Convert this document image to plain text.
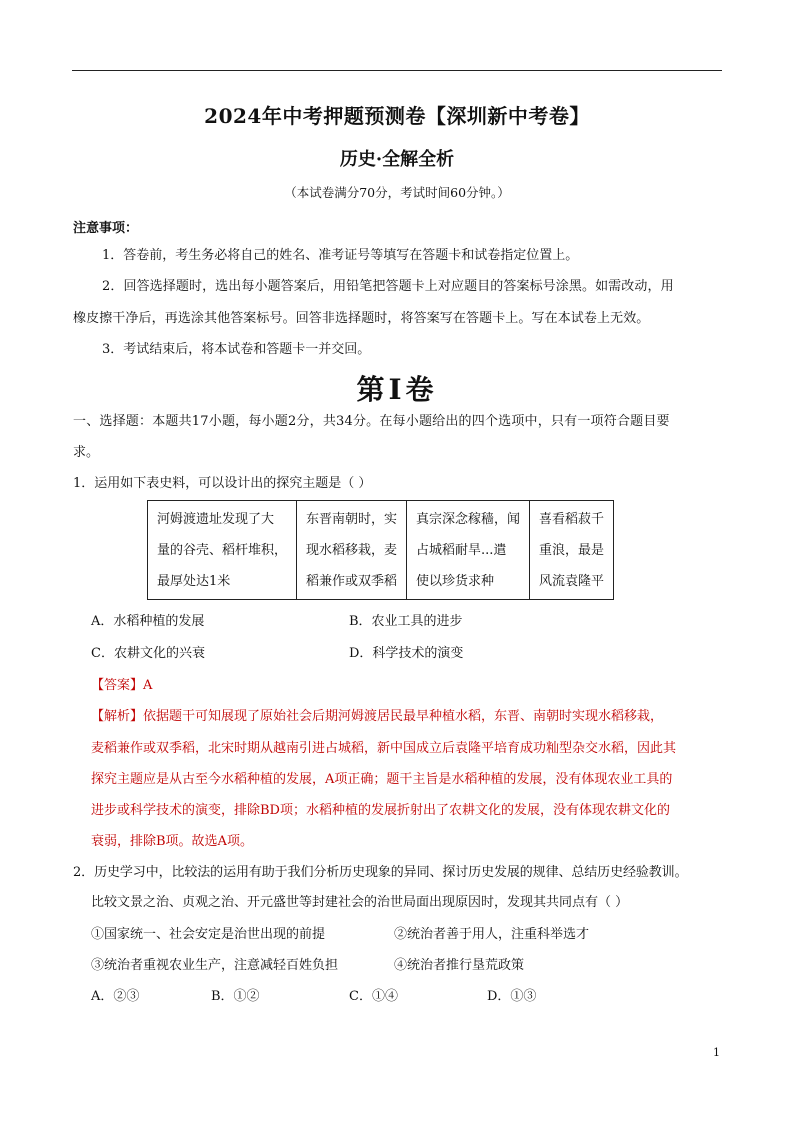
2024年中考押题预测卷【深圳新中考卷】
历史·全解全析
（本试卷满分70分，考试时间60分钟。）
注意事项：
1．答卷前，考生务必将自己的姓名、准考证号等填写在答题卡和试卷指定位置上。
2．回答选择题时，选出每小题答案后，用铅笔把答题卡上对应题目的答案标号涂黑。如需改动，用
橡皮擦干净后，再选涂其他答案标号。回答非选择题时，将答案写在答题卡上。写在本试卷上无效。
3．考试结束后，将本试卷和答题卡一并交回。
第Ⅰ卷
一、选择题：本题共17小题，每小题2分，共34分。在每小题给出的四个选项中，只有一项符合题目要
求。
1．运用如下表史料，可以设计出的探究主题是（ ）
河姆渡遗址发现了大
量的谷壳、稻杆堆积，
最厚处达1米	东晋南朝时，实
现水稻移栽，麦
稻兼作或双季稻	真宗深念稼穑，闻
占城稻耐旱...遣
使以珍货求种	喜看稻菽千
重浪，最是
风流袁隆平
A．水稻种植的发展	B．农业工具的进步
C．农耕文化的兴衰	D．科学技术的演变
【答案】A
【解析】依据题干可知展现了原始社会后期河姆渡居民最早种植水稻，东晋、南朝时实现水稻移栽，
麦稻兼作或双季稻，北宋时期从越南引进占城稻，新中国成立后袁隆平培育成功籼型杂交水稻，因此其
探究主题应是从古至今水稻种植的发展，A项正确；题干主旨是水稻种植的发展，没有体现农业工具的
进步或科学技术的演变，排除BD项；水稻种植的发展折射出了农耕文化的发展，没有体现农耕文化的
衰弱，排除B项。故选A项。
2．历史学习中，比较法的运用有助于我们分析历史现象的异同、探讨历史发展的规律、总结历史经验教训。
比较文景之治、贞观之治、开元盛世等封建社会的治世局面出现原因时，发现其共同点有（ ）
①国家统一、社会安定是治世出现的前提	②统治者善于用人，注重科举选才
③统治者重视农业生产，注意减轻百姓负担	④统治者推行垦荒政策
A．②③	B．①②	C．①④	D．①③
1
